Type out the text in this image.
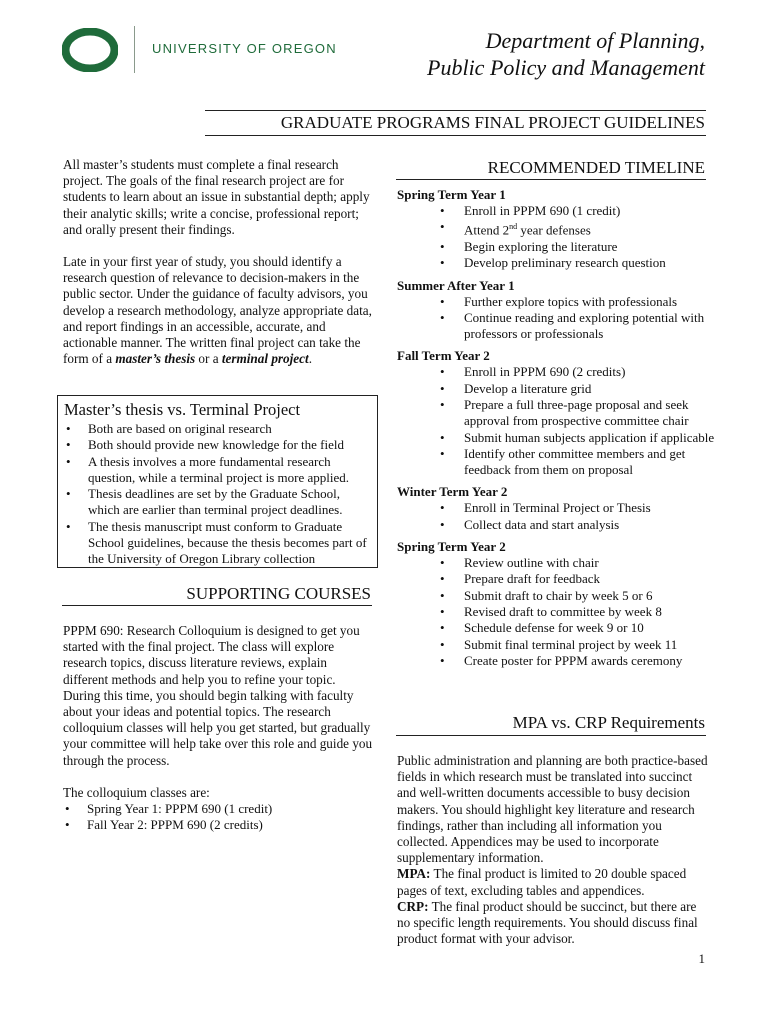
UNIVERSITY OF OREGON	Department of Planning,
Public Policy and Management
GRADUATE PROGRAMS FINAL PROJECT GUIDELINES

All master’s students must complete a final research project. The goals of the final research project are for students to learn about an issue in substantial depth; apply their analytic skills; write a concise, professional report; and orally present their findings.

Late in your first year of study, you should identify a research question of relevance to decision-makers in the public sector. Under the guidance of faculty advisors, you develop a research methodology, analyze appropriate data, and report findings in an accessible, accurate, and actionable manner. The written final project can take the form of a master’s thesis or a terminal project.

Master’s thesis vs. Terminal Project
• Both are based on original research
• Both should provide new knowledge for the field
• A thesis involves a more fundamental research question, while a terminal project is more applied.
• Thesis deadlines are set by the Graduate School, which are earlier than terminal project deadlines.
• The thesis manuscript must conform to Graduate School guidelines, because the thesis becomes part of the University of Oregon Library collection
SUPPORTING COURSES

PPPM 690: Research Colloquium is designed to get you started with the final project. The class will explore research topics, discuss literature reviews, explain different methods and help you to refine your topic. During this time, you should begin talking with faculty about your ideas and potential topics. The research colloquium classes will help you get started, but gradually your committee will help take over this role and guide you through the process.

The colloquium classes are:

• Spring Year 1: PPPM 690 (1 credit)
• Fall Year 2: PPPM 690 (2 credits)
RECOMMENDED TIMELINE
Spring Term Year 1
• Enroll in PPPM 690 (1 credit)
• Attend 2nd year defenses
• Begin exploring the literature
• Develop preliminary research question
Summer After Year 1
• Further explore topics with professionals
• Continue reading and exploring potential with professors or professionals
Fall Term Year 2
• Enroll in PPPM 690 (2 credits)
• Develop a literature grid
• Prepare a full three-page proposal and seek approval from prospective committee chair
• Submit human subjects application if applicable
• Identify other committee members and get feedback from them on proposal
Winter Term Year 2
• Enroll in Terminal Project or Thesis
• Collect data and start analysis
Spring Term Year 2
• Review outline with chair
• Prepare draft for feedback
• Submit draft to chair by week 5 or 6
• Revised draft to committee by week 8
• Schedule defense for week 9 or 10
• Submit final terminal project by week 11
• Create poster for PPPM awards ceremony
MPA vs. CRP Requirements

Public administration and planning are both practice-based fields in which research must be translated into succinct and well-written documents accessible to busy decision makers. You should highlight key literature and research findings, rather than including all information you collected. Appendices may be used to incorporate supplementary information.

MPA: The final product is limited to 20 double spaced pages of text, excluding tables and appendices.

CRP: The final product should be succinct, but there are no specific length requirements. You should discuss final product format with your advisor.

1
